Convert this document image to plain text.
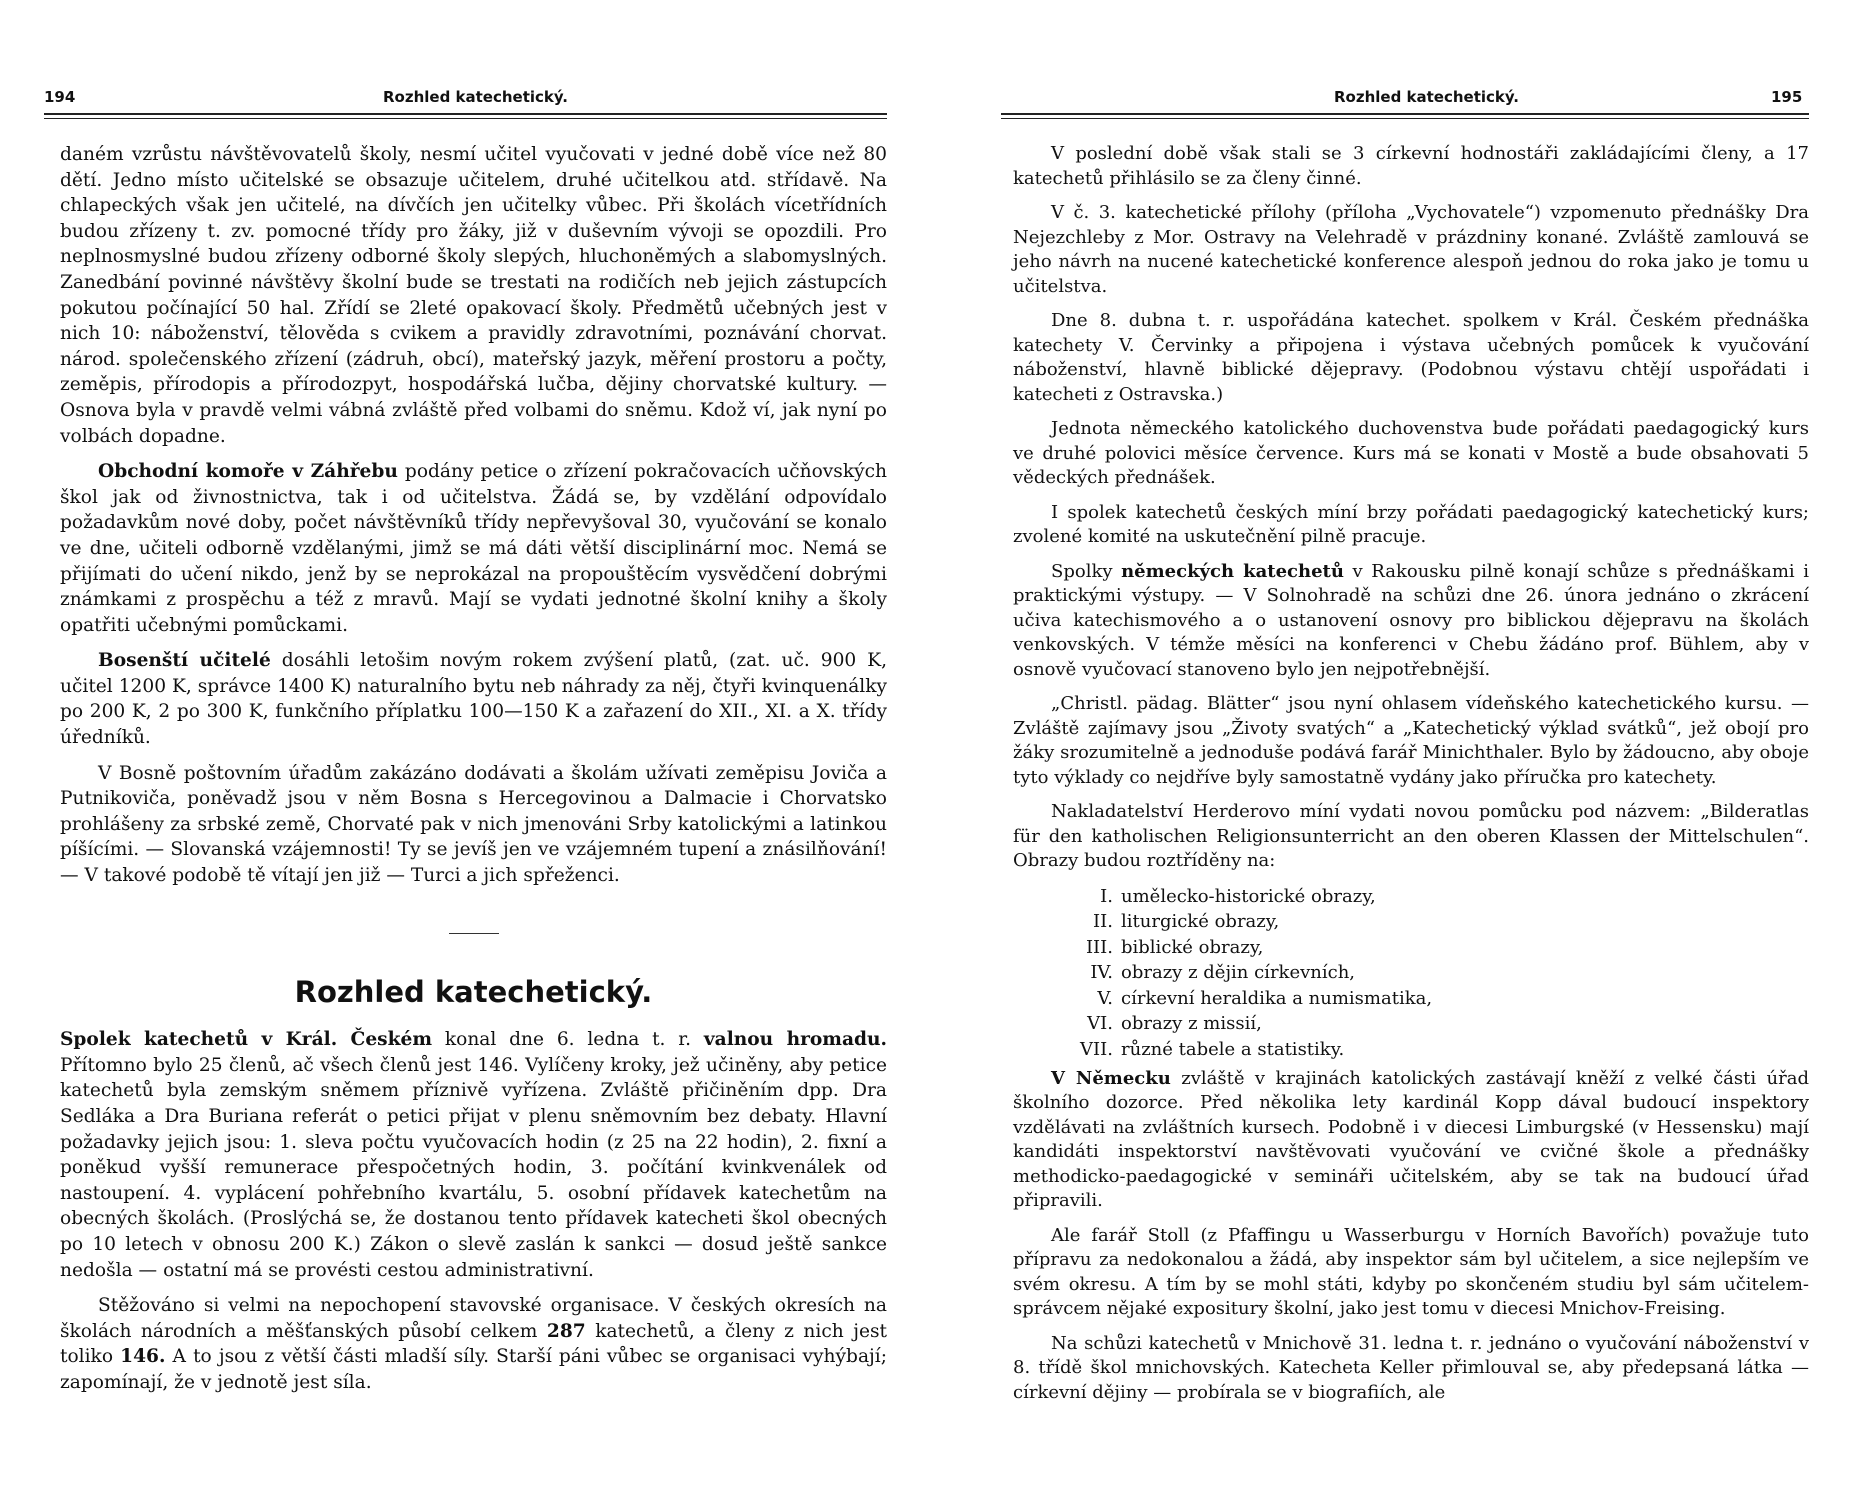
194	Rozhled katechetický.

daném vzrůstu návštěvovatelů školy, nesmí učitel vyučovati v jedné době více než 80 dětí. Jedno místo učitelské se obsazuje učitelem, druhé učitelkou atd. střídavě. Na chlapeckých však jen učitelé, na dívčích jen učitelky vůbec. Při školách vícetřídních budou zřízeny t. zv. pomocné třídy pro žáky, již v duševním vývoji se opozdili. Pro neplnosmyslné budou zřízeny odborné školy slepých, hluchoněmých a slabomyslných. Zanedbání povinné návštěvy školní bude se trestati na rodičích neb jejich zástupcích pokutou počínající 50 hal. Zřídí se 2leté opakovací školy. Předmětů učebných jest v nich 10: náboženství, tělověda s cvikem a pravidly zdravotními, poznávání chorvat. národ. společenského zřízení (zádruh, obcí), mateřský jazyk, měření prostoru a počty, zeměpis, přírodopis a přírodozpyt, hospodářská lučba, dějiny chorvatské kultury. — Osnova byla v pravdě velmi vábná zvláště před volbami do sněmu. Kdož ví, jak nyní po volbách dopadne.

Obchodní komoře v Záhřebu podány petice o zřízení pokračovacích učňovských škol jak od živnostnictva, tak i od učitelstva. Žádá se, by vzdělání odpovídalo požadavkům nové doby, počet návštěvníků třídy nepřevyšoval 30, vyučování se konalo ve dne, učiteli odborně vzdělanými, jimž se má dáti větší disciplinární moc. Nemá se přijímati do učení nikdo, jenž by se neprokázal na propouštěcím vysvědčení dobrými známkami z prospěchu a též z mravů. Mají se vydati jednotné školní knihy a školy opatřiti učebnými pomůckami.

Bosenští učitelé dosáhli letošim novým rokem zvýšení platů, (zat. uč. 900 K, učitel 1200 K, správce 1400 K) naturalního bytu neb náhrady za něj, čtyři kvinquenálky po 200 K, 2 po 300 K, funkčního příplatku 100—150 K a zařazení do XII., XI. a X. třídy úředníků.

V Bosně poštovním úřadům zakázáno dodávati a školám užívati zeměpisu Joviča a Putnikoviča, poněvadž jsou v něm Bosna s Hercegovinou a Dalmacie i Chorvatsko prohlášeny za srbské země, Chorvaté pak v nich jmenováni Srby katolickými a latinkou píšícími. — Slovanská vzájemnosti! Ty se jevíš jen ve vzájemném tupení a znásilňování! — V takové podobě tě vítají jen již — Turci a jich spřeženci.

Rozhled katechetický.

Spolek katechetů v Král. Českém konal dne 6. ledna t. r. valnou hromadu. Přítomno bylo 25 členů, ač všech členů jest 146. Vylíčeny kroky, jež učiněny, aby petice katechetů byla zemským sněmem příznivě vyřízena. Zvláště přičiněním dpp. Dra Sedláka a Dra Buriana referát o petici přijat v plenu sněmovním bez debaty. Hlavní požadavky jejich jsou: 1. sleva počtu vyučovacích hodin (z 25 na 22 hodin), 2. fixní a poněkud vyšší remunerace přespočetných hodin, 3. počítání kvinkvenálek od nastoupení. 4. vyplácení pohřebního kvartálu, 5. osobní přídavek katechetům na obecných školách. (Proslýchá se, že dostanou tento přídavek katecheti škol obecných po 10 letech v obnosu 200 K.) Zákon o slevě zaslán k sankci — dosud ještě sankce nedošla — ostatní má se provésti cestou administrativní.

Stěžováno si velmi na nepochopení stavovské organisace. V českých okresích na školách národních a měšťanských působí celkem 287 katechetů, a členy z nich jest toliko 146. A to jsou z větší části mladší síly. Starší páni vůbec se organisaci vyhýbají; zapomínají, že v jednotě jest síla.

Rozhled katechetický.	195

V poslední době však stali se 3 církevní hodnostáři zakládajícími členy, a 17 katechetů přihlásilo se za členy činné.

V č. 3. katechetické přílohy (příloha „Vychovatele“) vzpomenuto přednášky Dra Nejezchleby z Mor. Ostravy na Velehradě v prázdniny konané. Zvláště zamlouvá se jeho návrh na nucené katechetické konference alespoň jednou do roka jako je tomu u učitelstva.

Dne 8. dubna t. r. uspořádána katechet. spolkem v Král. Českém přednáška katechety V. Červinky a připojena i výstava učebných pomůcek k vyučování náboženství, hlavně biblické dějepravy. (Podobnou výstavu chtějí uspořádati i katecheti z Ostravska.)

Jednota německého katolického duchovenstva bude pořádati paedagogický kurs ve druhé polovici měsíce července. Kurs má se konati v Mostě a bude obsahovati 5 vědeckých přednášek.

I spolek katechetů českých míní brzy pořádati paedagogický katechetický kurs; zvolené komité na uskutečnění pilně pracuje.

Spolky německých katechetů v Rakousku pilně konají schůze s přednáškami i praktickými výstupy. — V Solnohradě na schůzi dne 26. února jednáno o zkrácení učiva katechismového a o ustanovení osnovy pro biblickou dějepravu na školách venkovských. V témže měsíci na konferenci v Chebu žádáno prof. Bühlem, aby v osnově vyučovací stanoveno bylo jen nejpotřebnější.

„Christl. pädag. Blätter“ jsou nyní ohlasem vídeňského katechetického kursu. — Zvláště zajímavy jsou „Životy svatých“ a „Katechetický výklad svátků“, jež obojí pro žáky srozumitelně a jednoduše podává farář Minichthaler. Bylo by žádoucno, aby oboje tyto výklady co nejdříve byly samostatně vydány jako příručka pro katechety.

Nakladatelství Herderovo míní vydati novou pomůcku pod názvem: „Bilderatlas für den katholischen Religionsunterricht an den oberen Klassen der Mittelschulen“. Obrazy budou roztříděny na:

I. umělecko-historické obrazy,
II. liturgické obrazy,
III. biblické obrazy,
IV. obrazy z dějin církevních,
V. církevní heraldika a numismatika,
VI. obrazy z missií,
VII. různé tabele a statistiky.

V Německu zvláště v krajinách katolických zastávají kněží z velké části úřad školního dozorce. Před několika lety kardinál Kopp dával budoucí inspektory vzdělávati na zvláštních kursech. Podobně i v diecesi Limburgské (v Hessensku) mají kandidáti inspektorství navštěvovati vyučování ve cvičné škole a přednášky methodicko-paedagogické v semináři učitelském, aby se tak na budoucí úřad připravili.

Ale farář Stoll (z Pfaffingu u Wasserburgu v Horních Bavořích) považuje tuto přípravu za nedokonalou a žádá, aby inspektor sám byl učitelem, a sice nejlepším ve svém okresu. A tím by se mohl státi, kdyby po skončeném studiu byl sám učitelem-správcem nějaké expositury školní, jako jest tomu v diecesi Mnichov-Freising.

Na schůzi katechetů v Mnichově 31. ledna t. r. jednáno o vyučování náboženství v 8. třídě škol mnichovských. Katecheta Keller přimlouval se, aby předepsaná látka — církevní dějiny — probírala se v biografiích, ale
